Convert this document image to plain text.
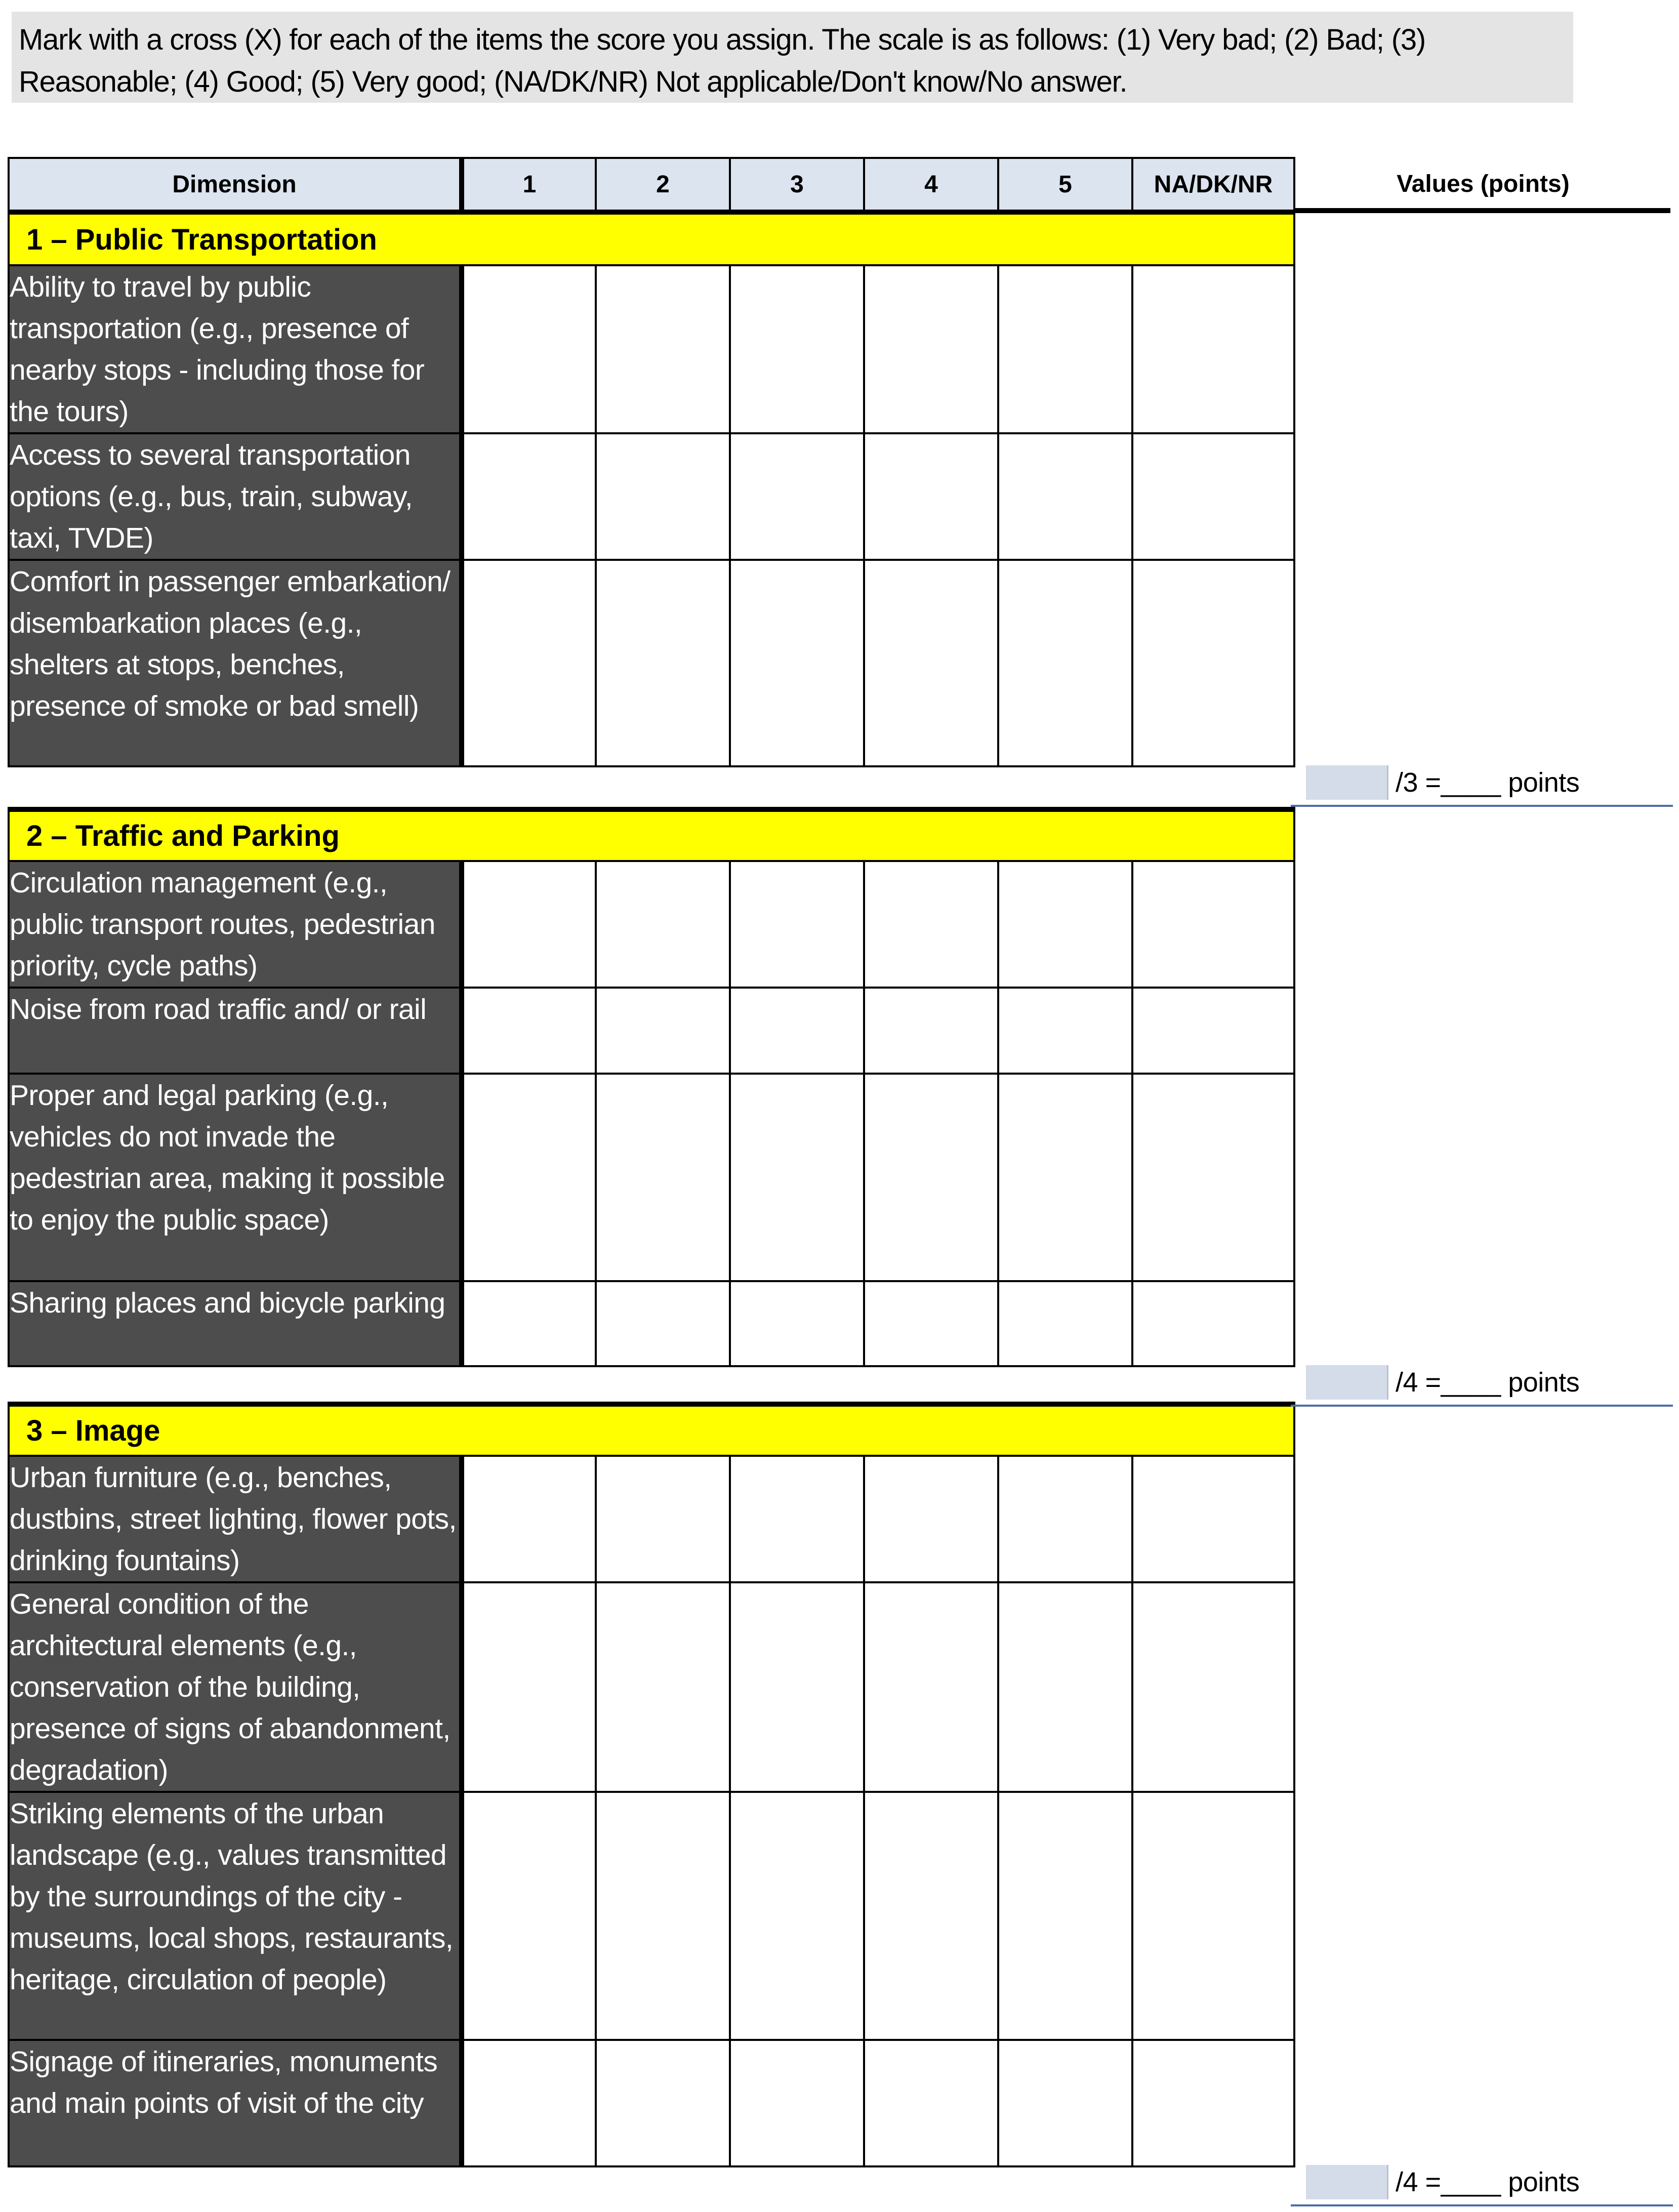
Mark with a cross (X) for each of the items the score you assign. The scale is as follows: (1) Very bad; (2) Bad; (3) Reasonable; (4) Good; (5) Very good; (NA/DK/NR) Not applicable/Don't know/No answer.
Dimension	1	2	3	4	5	NA/DK/NR
1 – Public Transportation						
Ability to travel by public transportation (e.g., presence of nearby stops - including those for the tours)						
Access to several transportation options (e.g., bus, train, subway, taxi, TVDE)						
Comfort in passenger embarkation/ disembarkation places (e.g., shelters at stops, benches, presence of smoke or bad smell)						

2 – Traffic and Parking						
Circulation management (e.g., public transport routes, pedestrian priority, cycle paths)						
Noise from road traffic and/ or rail						
Proper and legal parking (e.g., vehicles do not invade the pedestrian area, making it possible to enjoy the public space)						
Sharing places and bicycle parking						

3 – Image						
Urban furniture (e.g., benches, dustbins, street lighting, flower pots, drinking fountains)						
General condition of the architectural elements (e.g., conservation of the building, presence of signs of abandonment, degradation)						
Striking elements of the urban landscape (e.g., values transmitted by the surroundings of the city - museums, local shops, restaurants, heritage, circulation of people)						
Signage of itineraries, monuments and main points of visit of the city						
Values (points)
/3 =____ points
/4 =____ points
/4 =____ points
